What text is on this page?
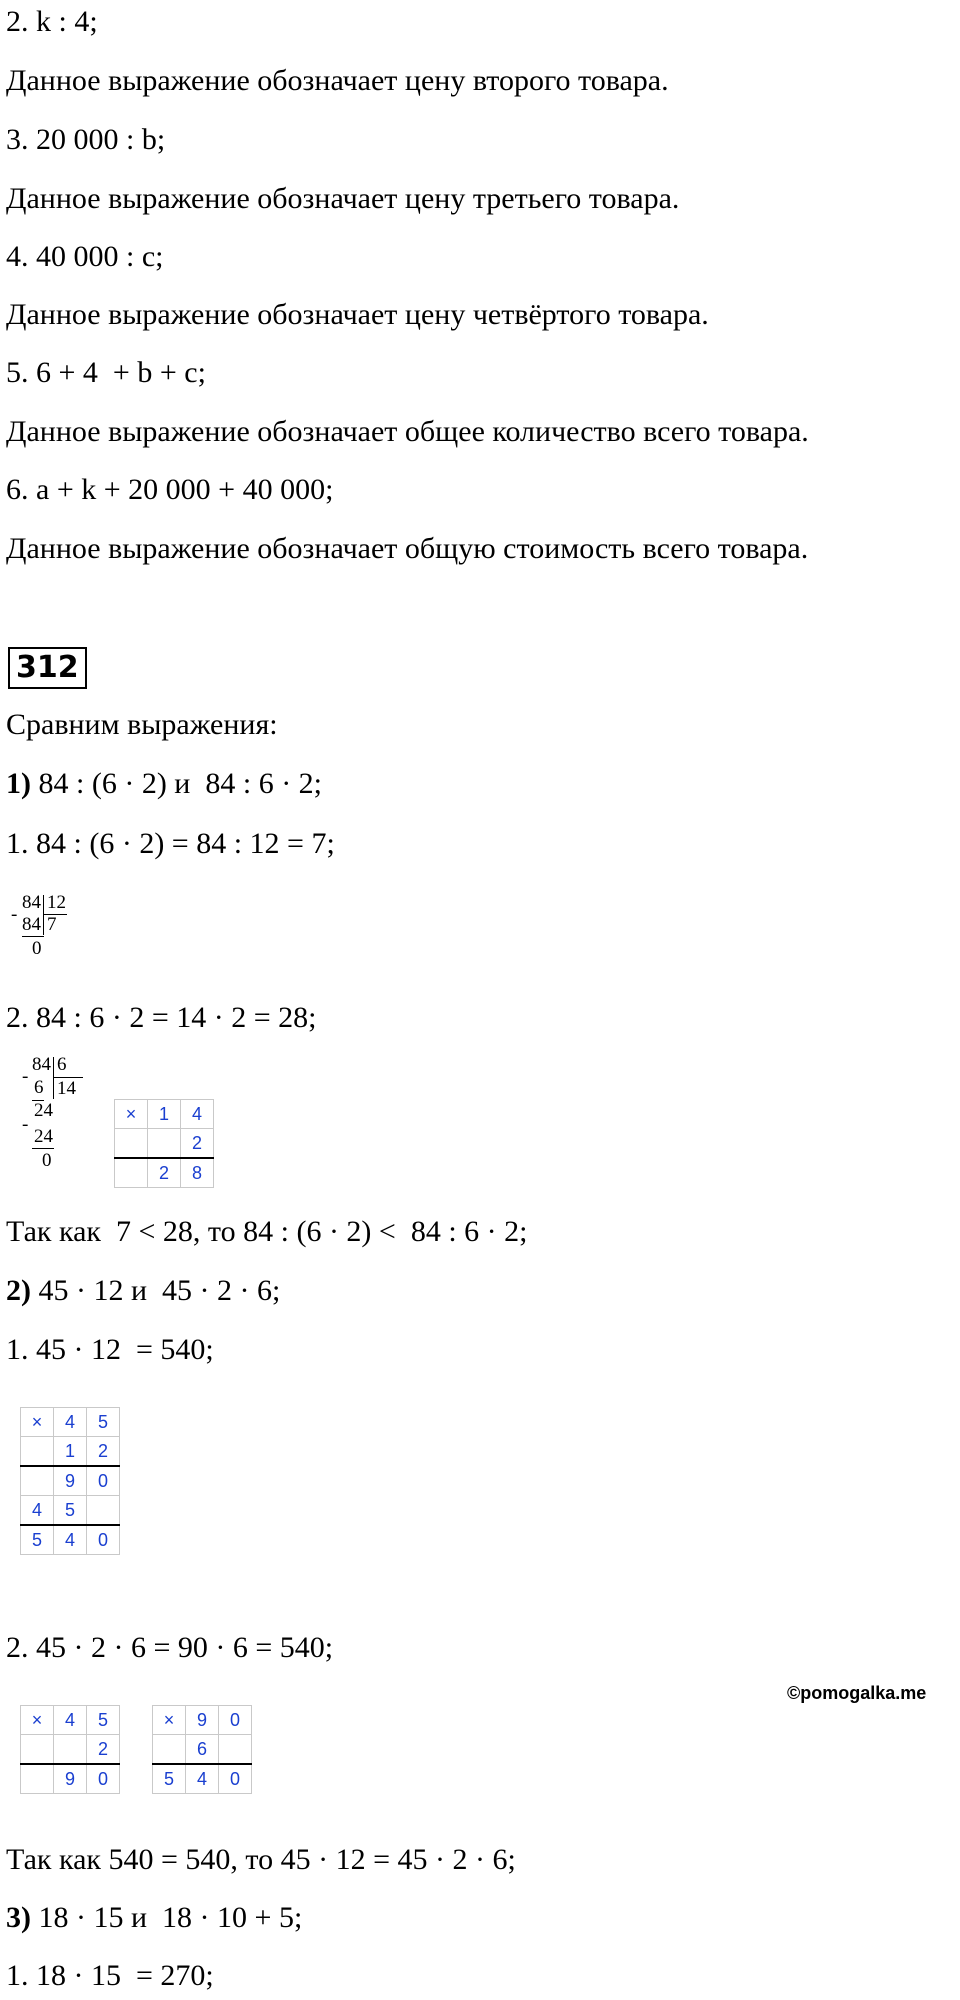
2. k : 4;

Данное выражение обозначает цену второго товара.

3. 20 000 : b;

Данное выражение обозначает цену третьего товара.

4. 40 000 : c;

Данное выражение обозначает цену четвёртого товара.

5. 6 + 4  + b + c;

Данное выражение обозначает общее количество всего товара.

6. a + k + 20 000 + 40 000;

Данное выражение обозначает общую стоимость всего товара.

312

Сравним выражения:

1) 84 : (6 · 2) и  84 : 6 · 2;

1. 84 : (6 · 2) = 84 : 12 = 7;

84 12
- 84 7
0

2. 84 : 6 · 2 = 14 · 2 = 28;

84 6
-
6 14
24
-
24
0
×	1	4
		2
	2	8

Так как  7 < 28, то 84 : (6 · 2) <  84 : 6 · 2;

2) 45 · 12 и  45 · 2 · 6;

1. 45 · 12  = 540;

×	4	5
	1	2
	9	0
4	5	
5	4	0

2. 45 · 2 · 6 = 90 · 6 = 540;

©pomogalka.me
×	4	5
		2
	9	0
×	9	0
	6	
5	4	0

Так как 540 = 540, то 45 · 12 = 45 · 2 · 6;

3) 18 · 15 и  18 · 10 + 5;

1. 18 · 15  = 270;
